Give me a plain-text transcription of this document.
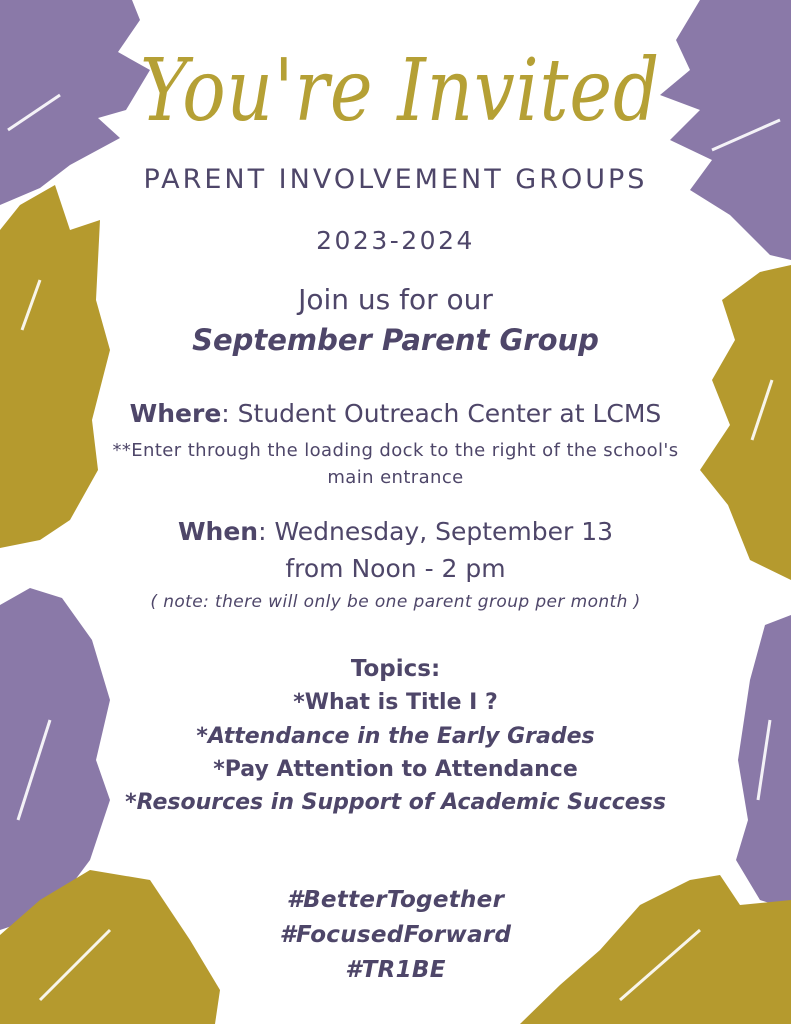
You're Invited
PARENT INVOLVEMENT GROUPS
2023-2024
Join us for our
September Parent Group
Where: Student Outreach Center at LCMS
**Enter through the loading dock to the right of the school's main entrance
When: Wednesday, September 13
from Noon - 2 pm
( note: there will only be one parent group per month )
Topics:
*What is Title I ?
*Attendance in the Early Grades
*Pay Attention to Attendance
*Resources in Support of Academic Success
#BetterTogether
#FocusedForward
#TR1BE
